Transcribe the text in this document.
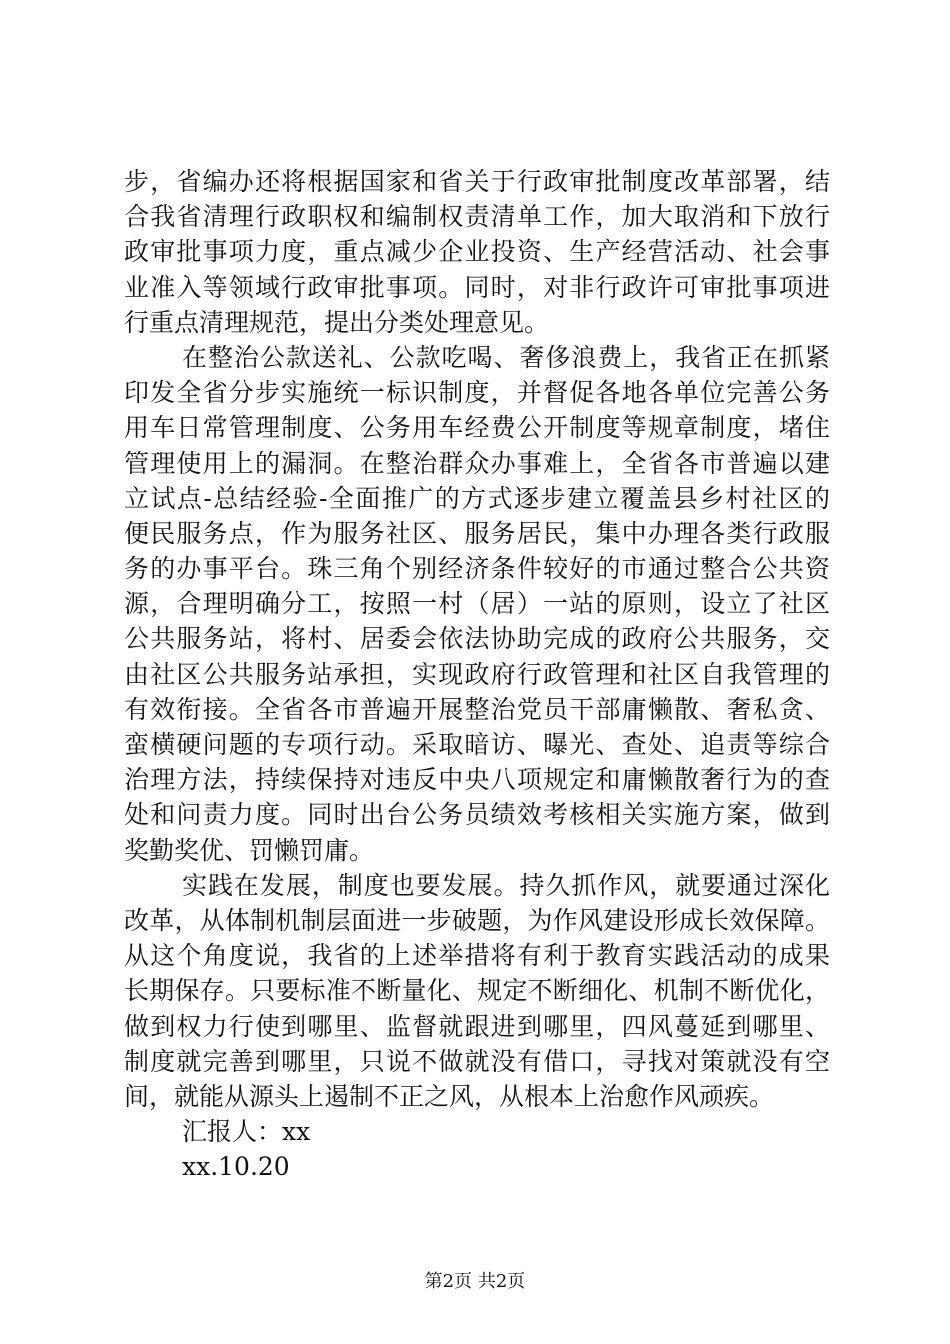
步，省编办还将根据国家和省关于行政审批制度改革部署，结
合我省清理行政职权和编制权责清单工作，加大取消和下放行
政审批事项力度，重点减少企业投资、生产经营活动、社会事
业准入等领域行政审批事项。同时，对非行政许可审批事项进
行重点清理规范，提出分类处理意见。
在整治公款送礼、公款吃喝、奢侈浪费上，我省正在抓紧
印发全省分步实施统一标识制度，并督促各地各单位完善公务
用车日常管理制度、公务用车经费公开制度等规章制度，堵住
管理使用上的漏洞。在整治群众办事难上，全省各市普遍以建
立试点-总结经验-全面推广的方式逐步建立覆盖县乡村社区的
便民服务点，作为服务社区、服务居民，集中办理各类行政服
务的办事平台。珠三角个别经济条件较好的市通过整合公共资
源，合理明确分工，按照一村（居）一站的原则，设立了社区
公共服务站，将村、居委会依法协助完成的政府公共服务，交
由社区公共服务站承担，实现政府行政管理和社区自我管理的
有效衔接。全省各市普遍开展整治党员干部庸懒散、奢私贪、
蛮横硬问题的专项行动。采取暗访、曝光、查处、追责等综合
治理方法，持续保持对违反中央八项规定和庸懒散奢行为的查
处和问责力度。同时出台公务员绩效考核相关实施方案，做到
奖勤奖优、罚懒罚庸。
实践在发展，制度也要发展。持久抓作风，就要通过深化
改革，从体制机制层面进一步破题，为作风建设形成长效保障。
从这个角度说，我省的上述举措将有利于教育实践活动的成果
长期保存。只要标准不断量化、规定不断细化、机制不断优化，
做到权力行使到哪里、监督就跟进到哪里，四风蔓延到哪里、
制度就完善到哪里，只说不做就没有借口，寻找对策就没有空
间，就能从源头上遏制不正之风，从根本上治愈作风顽疾。
汇报人：xx
xx.10.20
第2页 共2页
